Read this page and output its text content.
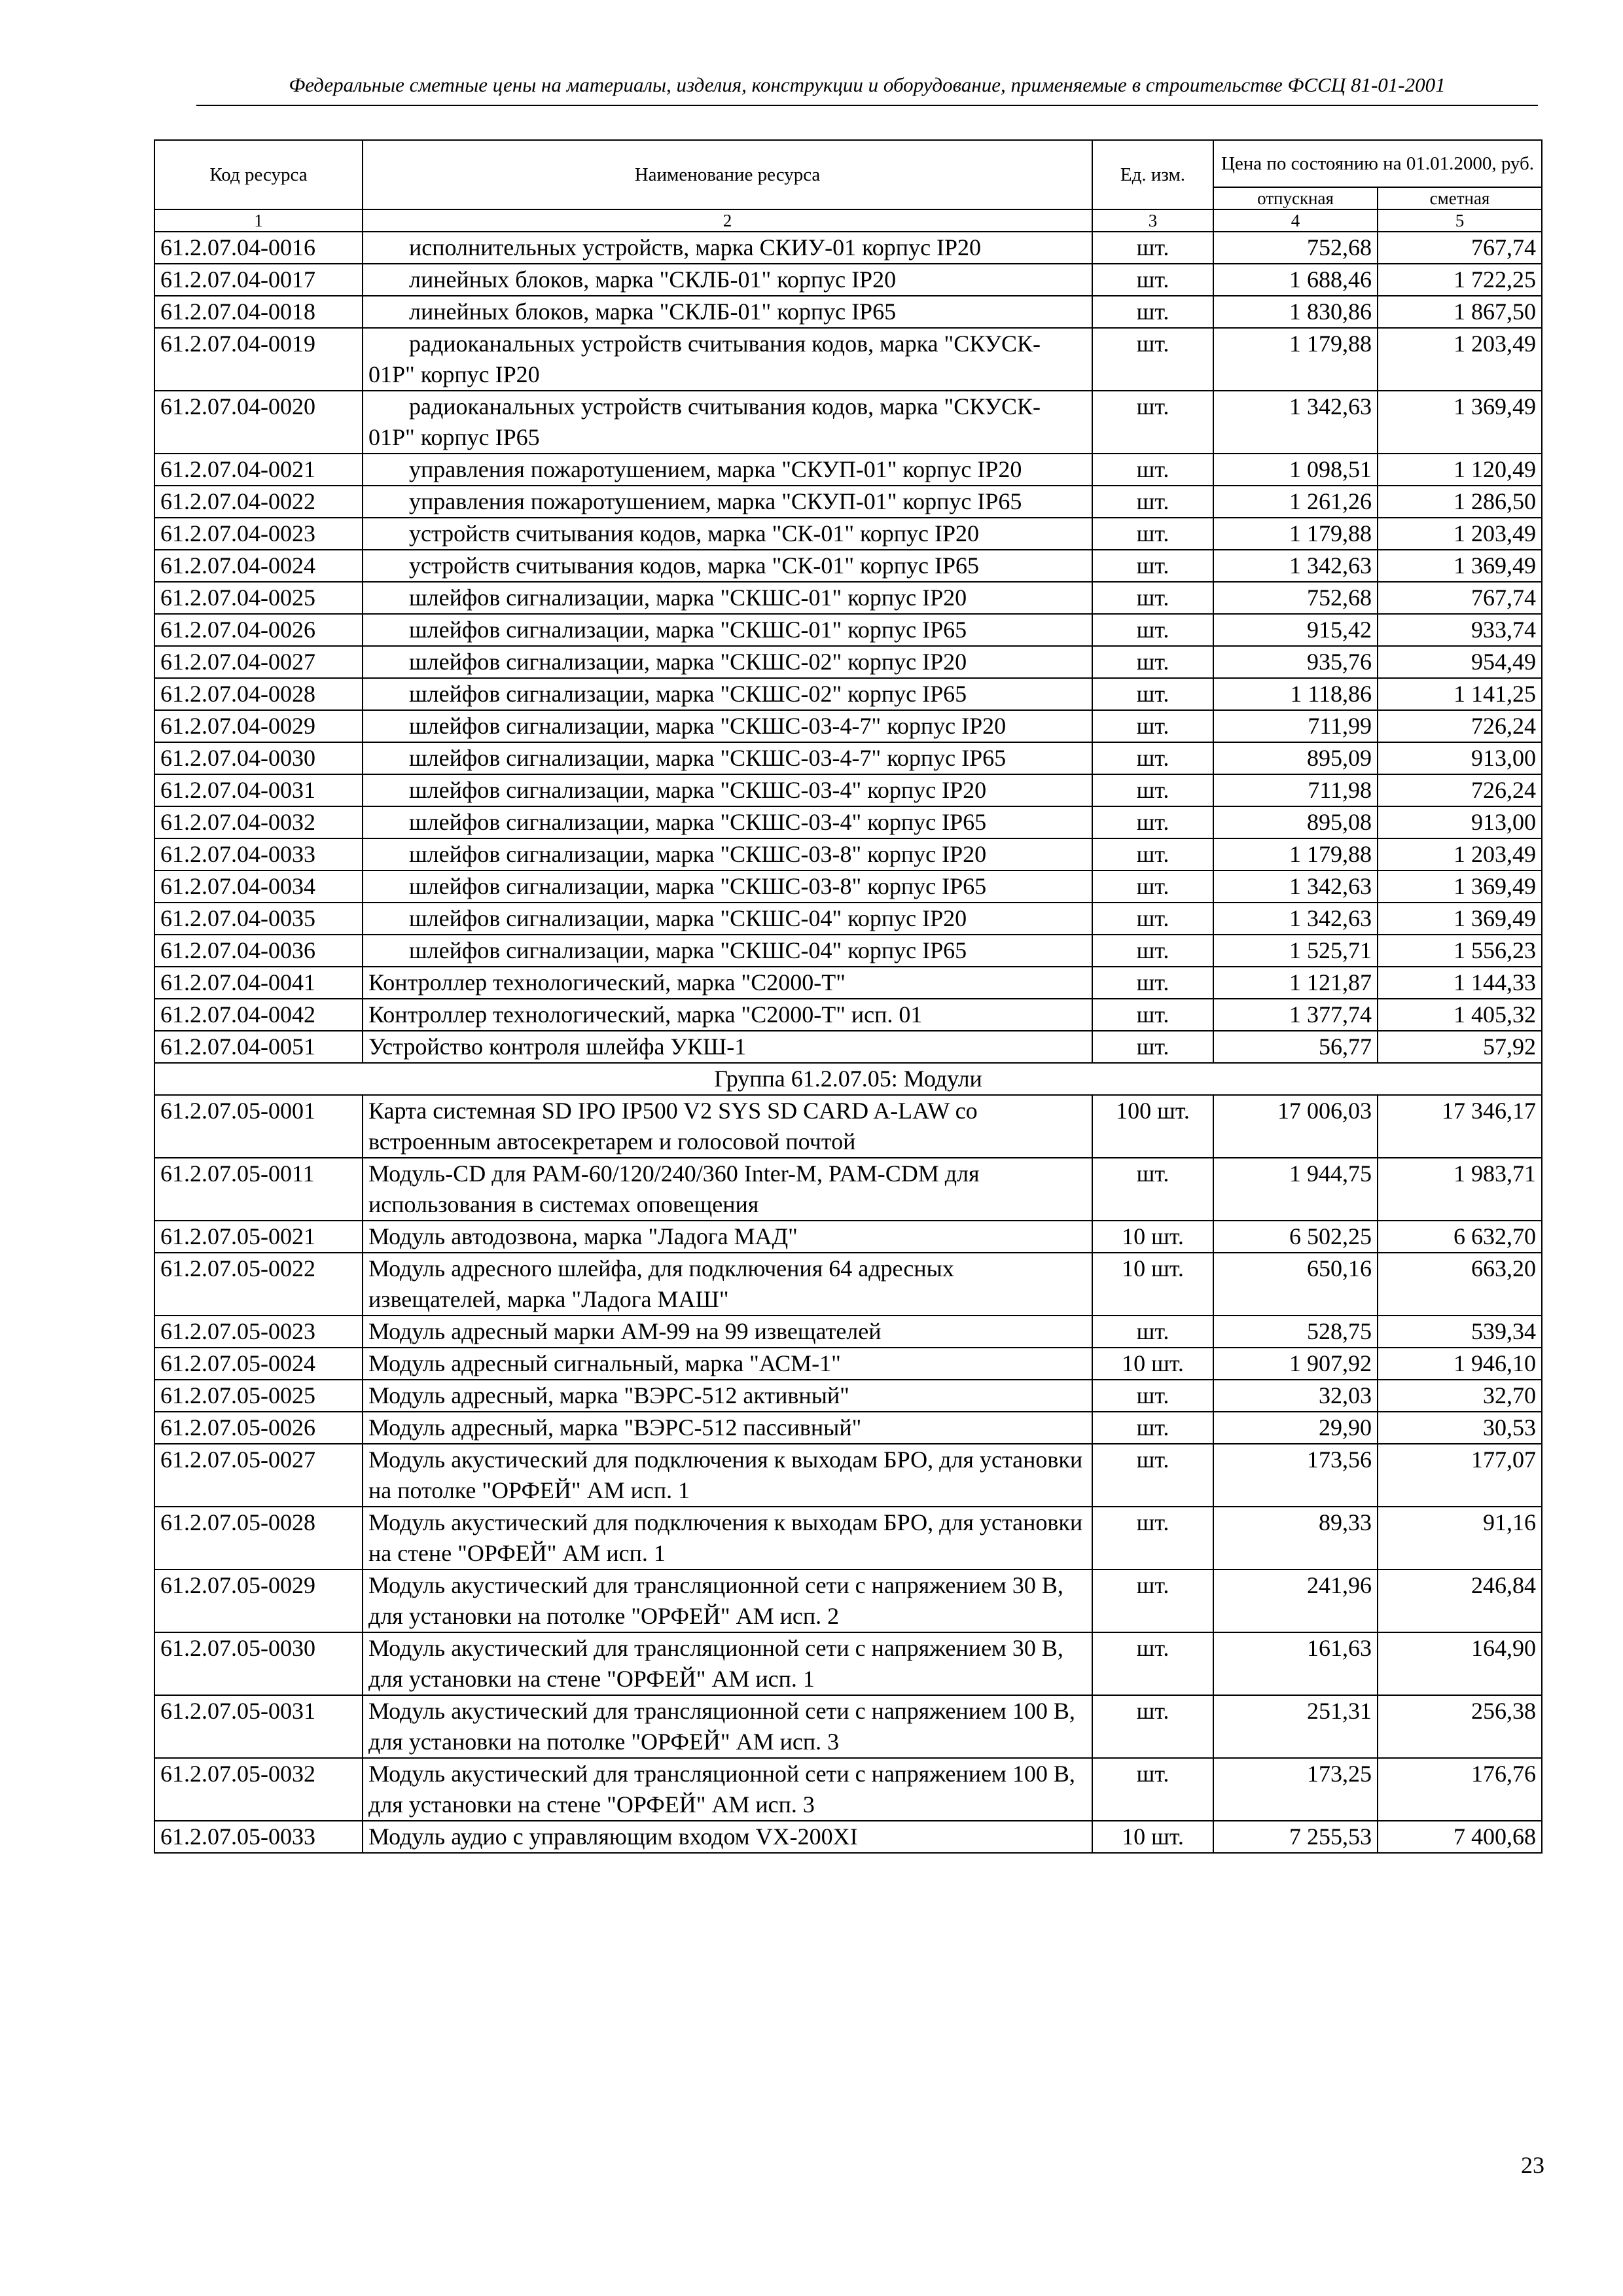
Федеральные сметные цены на материалы, изделия, конструкции и оборудование, применяемые в строительстве ФССЦ 81-01-2001
Код ресурса	Наименование ресурса	Ед. изм.	Цена по состоянию на 01.01.2000, руб.	
			отпускная	сметная
1	2	3	4	5
61.2.07.04-0016	исполнительных устройств, марка СКИУ-01 корпус IP20	шт.	752,68	767,74
61.2.07.04-0017	линейных блоков, марка "СКЛБ-01" корпус IP20	шт.	1 688,46	1 722,25
61.2.07.04-0018	линейных блоков, марка "СКЛБ-01" корпус IP65	шт.	1 830,86	1 867,50
61.2.07.04-0019	радиоканальных устройств считывания кодов, марка "СКУСК- 01Р" корпус IP20	шт.	1 179,88	1 203,49
61.2.07.04-0020	радиоканальных устройств считывания кодов, марка "СКУСК- 01Р" корпус IP65	шт.	1 342,63	1 369,49
61.2.07.04-0021	управления пожаротушением, марка "СКУП-01" корпус IP20	шт.	1 098,51	1 120,49
61.2.07.04-0022	управления пожаротушением, марка "СКУП-01" корпус IP65	шт.	1 261,26	1 286,50
61.2.07.04-0023	устройств считывания кодов, марка "СК-01" корпус IP20	шт.	1 179,88	1 203,49
61.2.07.04-0024	устройств считывания кодов, марка "СК-01" корпус IP65	шт.	1 342,63	1 369,49
61.2.07.04-0025	шлейфов сигнализации, марка "СКШС-01" корпус IP20	шт.	752,68	767,74
61.2.07.04-0026	шлейфов сигнализации, марка "СКШС-01" корпус IP65	шт.	915,42	933,74
61.2.07.04-0027	шлейфов сигнализации, марка "СКШС-02" корпус IP20	шт.	935,76	954,49
61.2.07.04-0028	шлейфов сигнализации, марка "СКШС-02" корпус IP65	шт.	1 118,86	1 141,25
61.2.07.04-0029	шлейфов сигнализации, марка "СКШС-03-4-7" корпус IP20	шт.	711,99	726,24
61.2.07.04-0030	шлейфов сигнализации, марка "СКШС-03-4-7" корпус IP65	шт.	895,09	913,00
61.2.07.04-0031	шлейфов сигнализации, марка "СКШС-03-4" корпус IP20	шт.	711,98	726,24
61.2.07.04-0032	шлейфов сигнализации, марка "СКШС-03-4" корпус IP65	шт.	895,08	913,00
61.2.07.04-0033	шлейфов сигнализации, марка "СКШС-03-8" корпус IP20	шт.	1 179,88	1 203,49
61.2.07.04-0034	шлейфов сигнализации, марка "СКШС-03-8" корпус IP65	шт.	1 342,63	1 369,49
61.2.07.04-0035	шлейфов сигнализации, марка "СКШС-04" корпус IP20	шт.	1 342,63	1 369,49
61.2.07.04-0036	шлейфов сигнализации, марка "СКШС-04" корпус IP65	шт.	1 525,71	1 556,23
61.2.07.04-0041	Контроллер технологический, марка "С2000-Т"	шт.	1 121,87	1 144,33
61.2.07.04-0042	Контроллер технологический, марка "С2000-Т" исп. 01	шт.	1 377,74	1 405,32
61.2.07.04-0051	Устройство контроля шлейфа УКШ-1	шт.	56,77	57,92
Группа 61.2.07.05: Модули				
61.2.07.05-0001	Карта системная SD IPO IP500 V2 SYS SD CARD A-LAW со встроенным автосекретарем и голосовой почтой	100 шт.	17 006,03	17 346,17
61.2.07.05-0011	Модуль-CD для PAM-60/120/240/360 Inter-M, PAM-CDM для использования в системах оповещения	шт.	1 944,75	1 983,71
61.2.07.05-0021	Модуль автодозвона, марка "Ладога МАД"	10 шт.	6 502,25	6 632,70
61.2.07.05-0022	Модуль адресного шлейфа, для подключения 64 адресных извещателей, марка "Ладога МАШ"	10 шт.	650,16	663,20
61.2.07.05-0023	Модуль адресный марки АМ-99 на 99 извещателей	шт.	528,75	539,34
61.2.07.05-0024	Модуль адресный сигнальный, марка "АСМ-1"	10 шт.	1 907,92	1 946,10
61.2.07.05-0025	Модуль адресный, марка "ВЭРС-512 активный"	шт.	32,03	32,70
61.2.07.05-0026	Модуль адресный, марка "ВЭРС-512 пассивный"	шт.	29,90	30,53
61.2.07.05-0027	Модуль акустический для подключения к выходам БРО, для установки на потолке "ОРФЕЙ" АМ исп. 1	шт.	173,56	177,07
61.2.07.05-0028	Модуль акустический для подключения к выходам БРО, для установки на стене "ОРФЕЙ" АМ исп. 1	шт.	89,33	91,16
61.2.07.05-0029	Модуль акустический для трансляционной сети с напряжением 30 В, для установки на потолке "ОРФЕЙ" АМ исп. 2	шт.	241,96	246,84
61.2.07.05-0030	Модуль акустический для трансляционной сети с напряжением 30 В, для установки на стене "ОРФЕЙ" АМ исп. 1	шт.	161,63	164,90
61.2.07.05-0031	Модуль акустический для трансляционной сети с напряжением 100 В, для установки на потолке "ОРФЕЙ" АМ исп. 3	шт.	251,31	256,38
61.2.07.05-0032	Модуль акустический для трансляционной сети с напряжением 100 В, для установки на стене "ОРФЕЙ" АМ исп. 3	шт.	173,25	176,76
61.2.07.05-0033	Модуль аудио с управляющим входом VX-200XI	10 шт.	7 255,53	7 400,68
23
